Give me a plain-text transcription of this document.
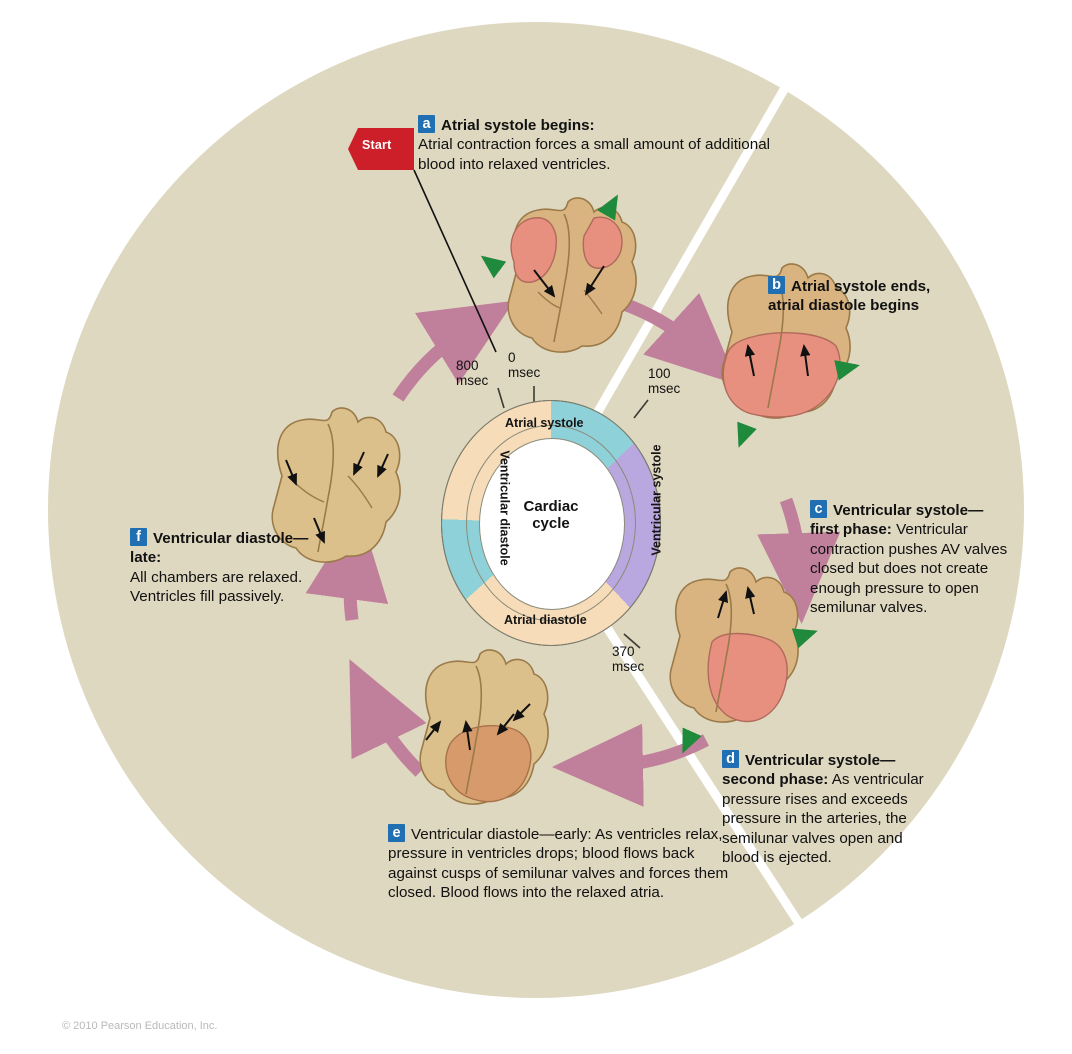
Start
Cardiac
cycle
Atrial systole
Ventricular systole
Atrial diastole
Ventricular diastole
0
msec	100
msec
370
msec
800
msec
a Atrial systole begins:
Atrial contraction forces a small amount of additional blood into relaxed ventricles.
b Atrial systole ends, atrial diastole begins
c Ventricular systole— first phase: Ventricular contraction pushes AV valves closed but does not create enough pressure to open semilunar valves.
d Ventricular systole— second phase: As ventricular pressure rises and exceeds pressure in the arteries, the semilunar valves open and blood is ejected.
e Ventricular diastole—early: As ventricles relax, pressure in ventricles drops; blood flows back against cusps of semilunar valves and forces them closed. Blood flows into the relaxed atria.
f Ventricular diastole—late:
All chambers are relaxed. Ventricles fill passively.
© 2010 Pearson Education, Inc.
